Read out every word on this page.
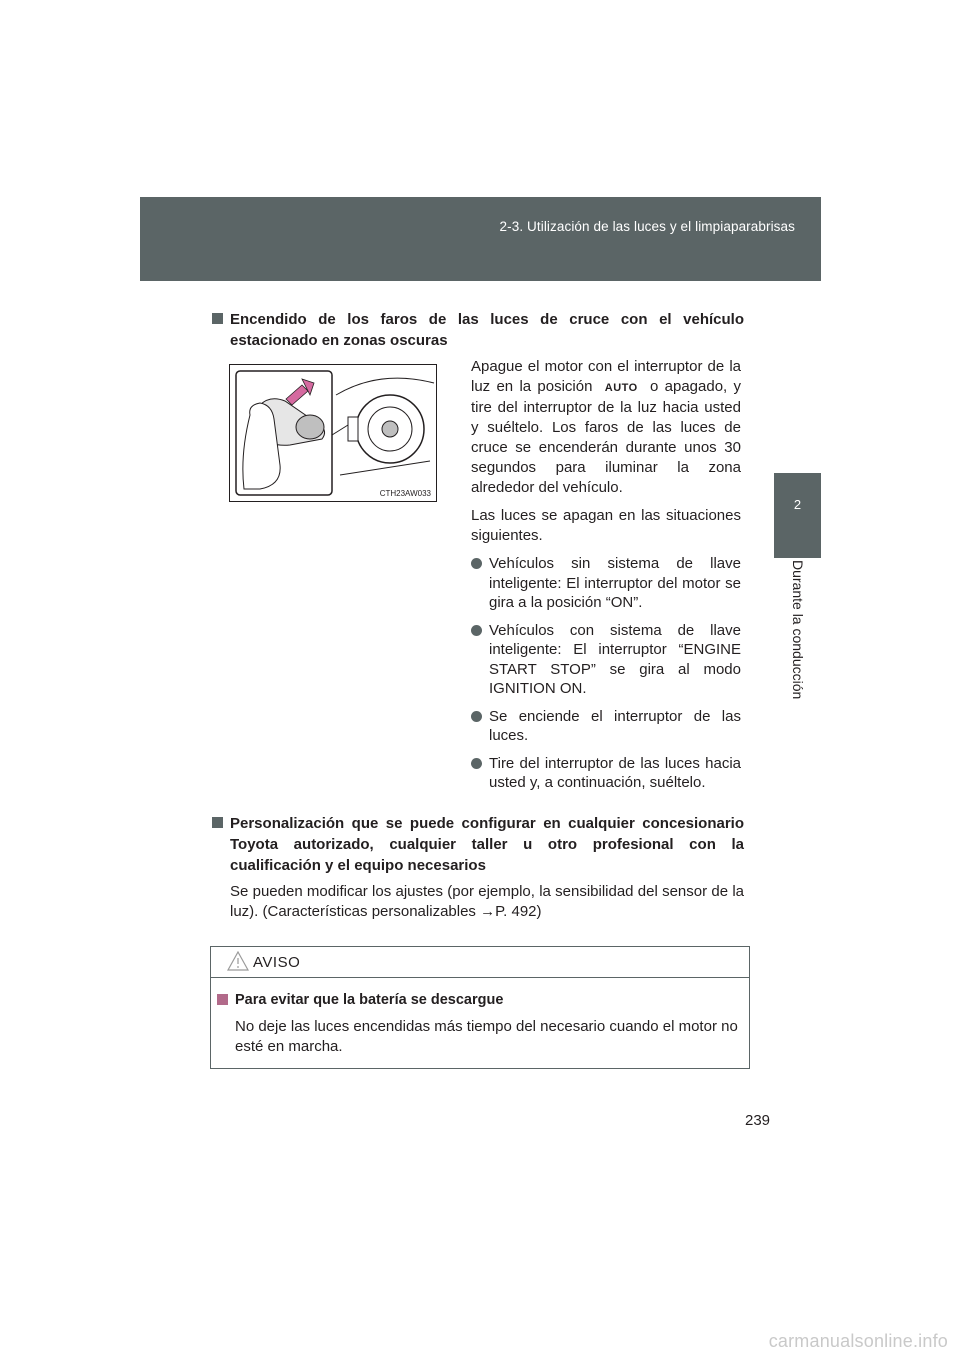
2-3. Utilización de las luces y el limpiaparabrisas
2
Durante la conducción
Encendido de los faros de las luces de cruce con el vehículo estacionado en zonas oscuras
CTH23AW033
Apague el motor con el interruptor de la luz en la posición AUTO o apagado, y tire del interruptor de la luz hacia usted y suéltelo. Los faros de las luces de cruce se encenderán durante unos 30 segundos para iluminar la zona alrededor del vehículo.
Las luces se apagan en las situaciones siguientes.
Vehículos sin sistema de llave inteligente: El interruptor del motor se gira a la posición “ON”.
Vehículos con sistema de llave inteligente: El interruptor “ENGINE START STOP” se gira al modo IGNITION ON.
Se enciende el interruptor de las luces.
Tire del interruptor de las luces hacia usted y, a continuación, suéltelo.
Personalización que se puede configurar en cualquier concesionario Toyota autorizado, cualquier taller u otro profesional con la cualificación y el equipo necesarios
Se pueden modificar los ajustes (por ejemplo, la sensibilidad del sensor de la luz). (Características personalizables →P. 492)
AVISO
Para evitar que la batería se descargue
No deje las luces encendidas más tiempo del necesario cuando el motor no esté en marcha.
239
carmanualsonline.info
